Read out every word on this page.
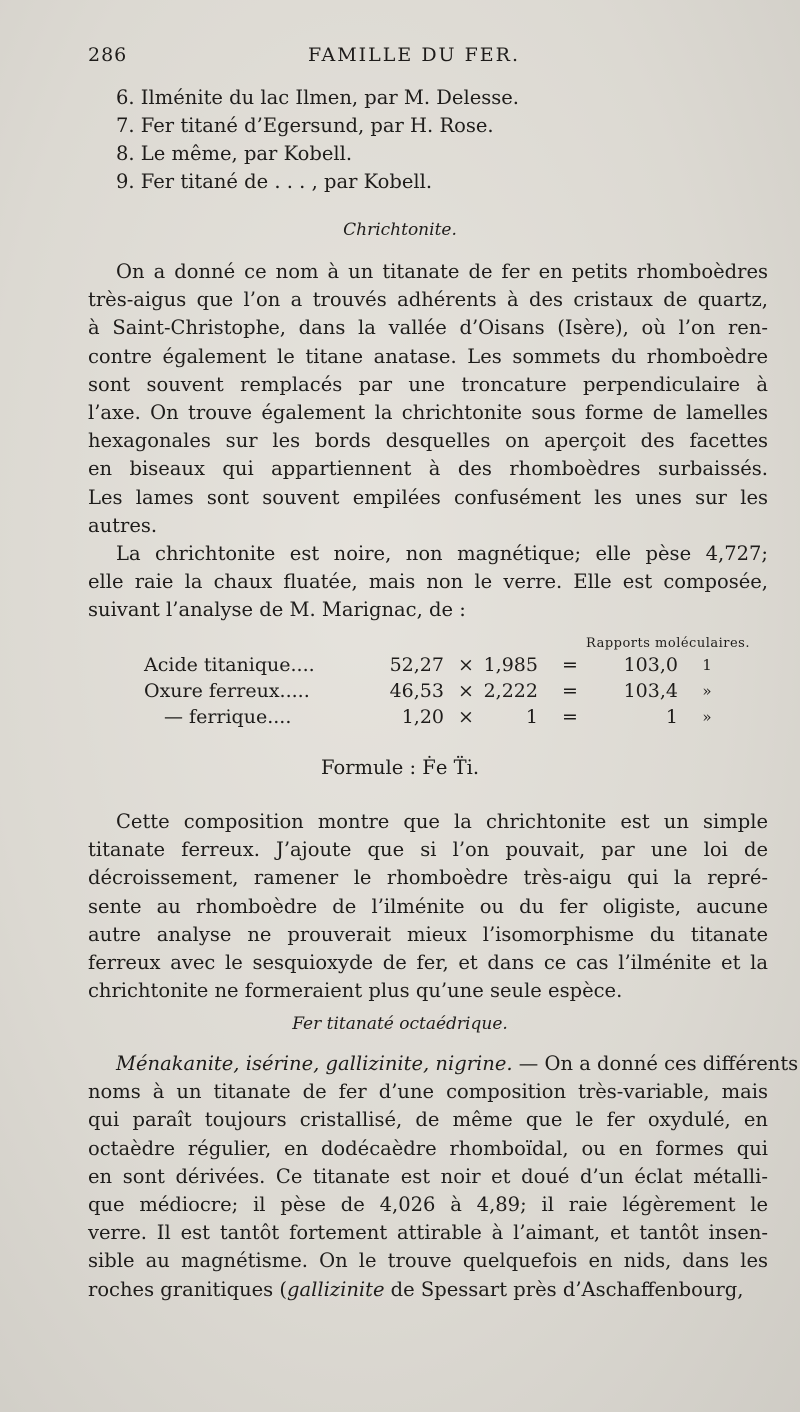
286	FAMILLE DU FER.
6. Ilménite du lac Ilmen, par M. Delesse.
7. Fer titané d’Egersund, par H. Rose.
8. Le même, par Kobell.
9. Fer titané de . . . , par Kobell.
Chrichtonite.
On a donné ce nom à un titanate de fer en petits rhomboèdres
très-aigus que l’on a trouvés adhérents à des cristaux de quartz,
à Saint-Christophe, dans la vallée d’Oisans (Isère), où l’on ren-
contre également le titane anatase. Les sommets du rhomboèdre
sont souvent remplacés par une troncature perpendiculaire à
l’axe. On trouve également la chrichtonite sous forme de lamelles
hexagonales sur les bords desquelles on aperçoit des facettes
en biseaux qui appartiennent à des rhomboèdres surbaissés.
Les lames sont souvent empilées confusément les unes sur les
autres.
La chrichtonite est noire, non magnétique; elle pèse 4,727;
elle raie la chaux fluatée, mais non le verre. Elle est composée,
suivant l’analyse de M. Marignac, de :
Rapports moléculaires.
Acide titanique....	52,27 × 1,985 =	103,0	1
Oxure ferreux.....	46,53 × 2,222 =	103,4	»
— ferrique....	1,20 ×	1 =	1	»
Formule : Ḟe T̈i.
Cette composition montre que la chrichtonite est un simple
titanate ferreux. J’ajoute que si l’on pouvait, par une loi de
décroissement, ramener le rhomboèdre très-aigu qui la repré-
sente au rhomboèdre de l’ilménite ou du fer oligiste, aucune
autre analyse ne prouverait mieux l’isomorphisme du titanate
ferreux avec le sesquioxyde de fer, et dans ce cas l’ilménite et la
chrichtonite ne formeraient plus qu’une seule espèce.
Fer titanaté octaédrique.
Ménakanite, isérine, gallizinite, nigrine. — On a donné ces différents
noms à un titanate de fer d’une composition très-variable, mais
qui paraît toujours cristallisé, de même que le fer oxydulé, en
octaèdre régulier, en dodécaèdre rhomboïdal, ou en formes qui
en sont dérivées. Ce titanate est noir et doué d’un éclat métalli-
que médiocre; il pèse de 4,026 à 4,89; il raie légèrement le
verre. Il est tantôt fortement attirable à l’aimant, et tantôt insen-
sible au magnétisme. On le trouve quelquefois en nids, dans les
roches granitiques (gallizinite de Spessart près d’Aschaffenbourg,
